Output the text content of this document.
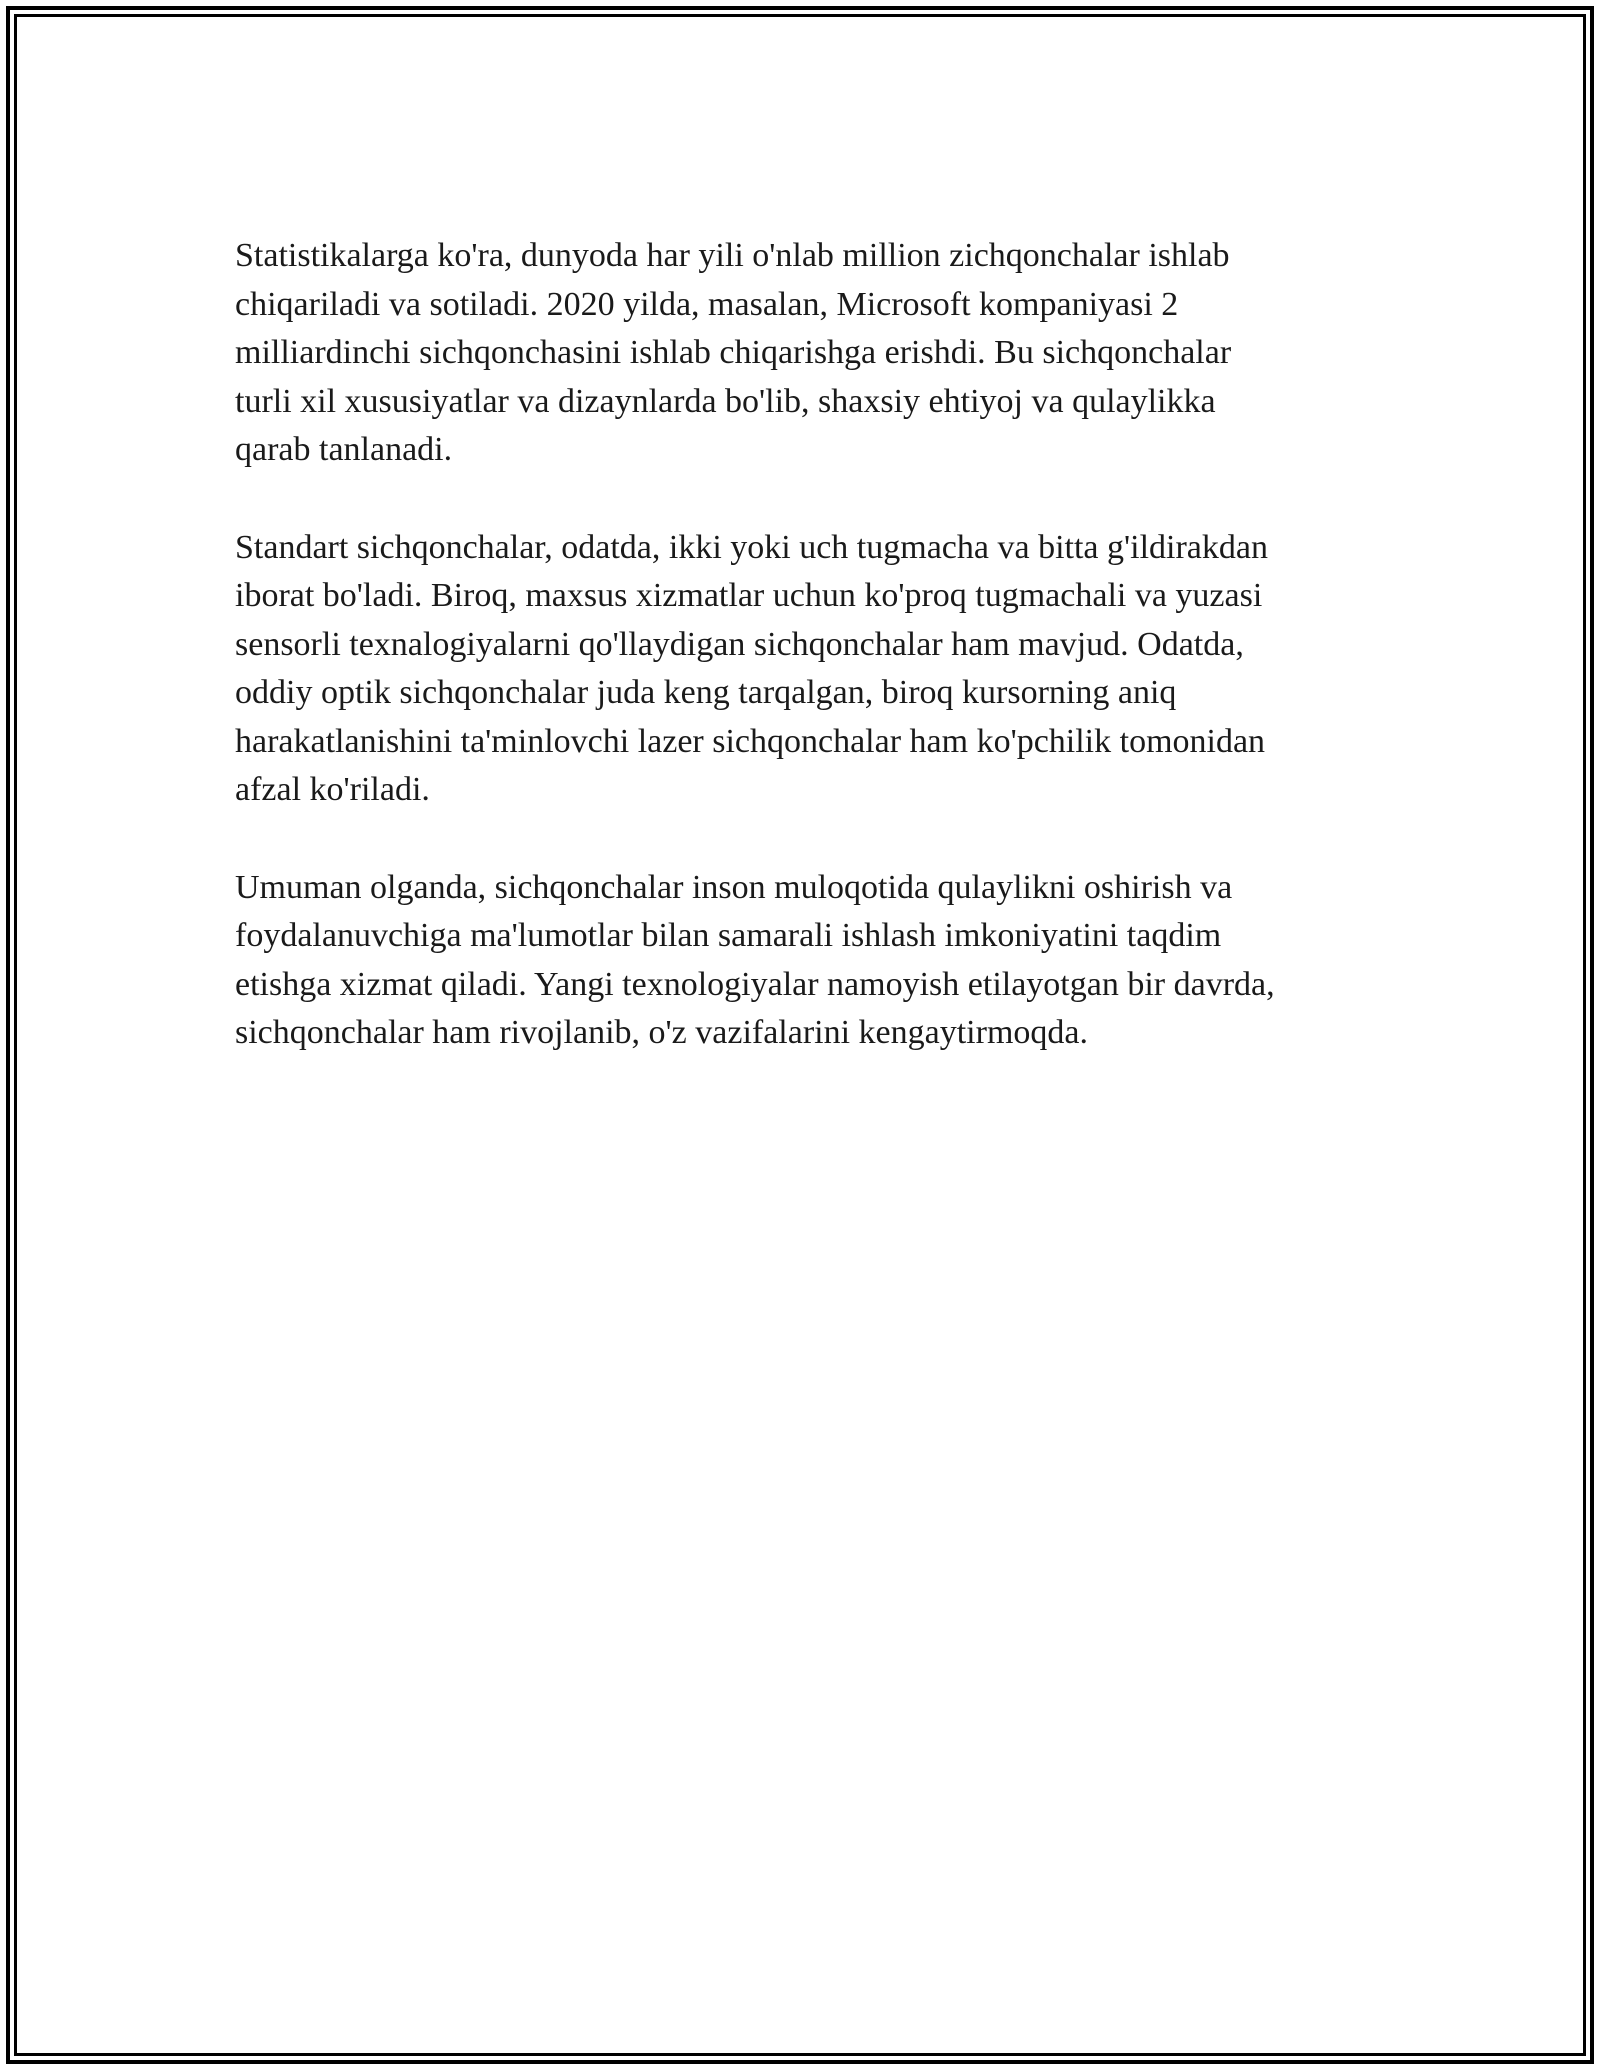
Statistikalarga ko'ra, dunyoda har yili o'nlab million zichqonchalar ishlab
chiqariladi va sotiladi. 2020 yilda, masalan, Microsoft kompaniyasi 2
milliardinchi sichqonchasini ishlab chiqarishga erishdi. Bu sichqonchalar
turli xil xususiyatlar va dizaynlarda bo'lib, shaxsiy ehtiyoj va qulaylikka
qarab tanlanadi.

Standart sichqonchalar, odatda, ikki yoki uch tugmacha va bitta g'ildirakdan
iborat bo'ladi. Biroq, maxsus xizmatlar uchun ko'proq tugmachali va yuzasi
sensorli texnalogiyalarni qo'llaydigan sichqonchalar ham mavjud. Odatda,
oddiy optik sichqonchalar juda keng tarqalgan, biroq kursorning aniq
harakatlanishini ta'minlovchi lazer sichqonchalar ham ko'pchilik tomonidan
afzal ko'riladi.

Umuman olganda, sichqonchalar inson muloqotida qulaylikni oshirish va
foydalanuvchiga ma'lumotlar bilan samarali ishlash imkoniyatini taqdim
etishga xizmat qiladi. Yangi texnologiyalar namoyish etilayotgan bir davrda,
sichqonchalar ham rivojlanib, o'z vazifalarini kengaytirmoqda.
